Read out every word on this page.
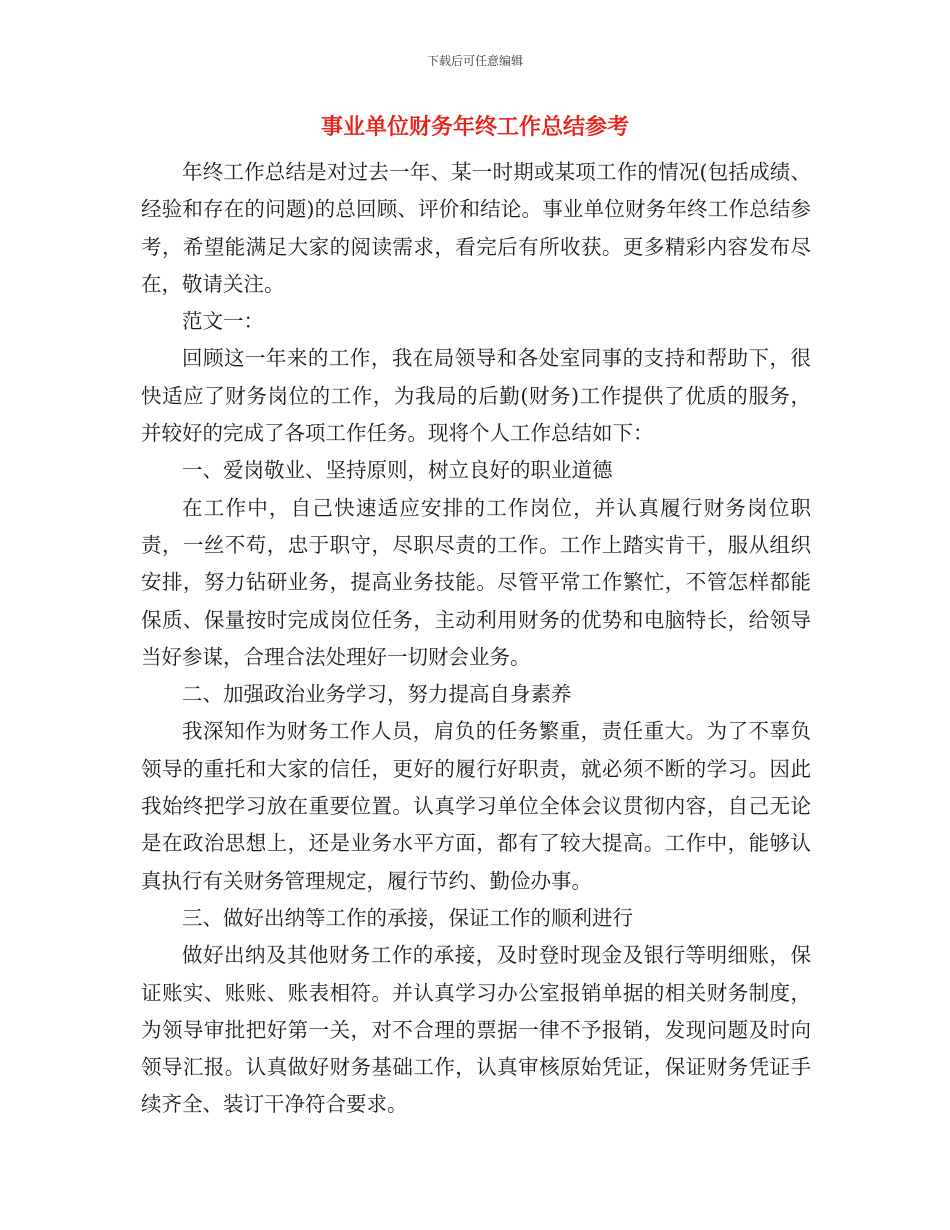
下载后可任意编辑
事业单位财务年终工作总结参考

年终工作总结是对过去一年、某一时期或某项工作的情况(包括成绩、经验和存在的问题)的总回顾、评价和结论。事业单位财务年终工作总结参考，希望能满足大家的阅读需求，看完后有所收获。更多精彩内容发布尽在，敬请关注。

范文一：

回顾这一年来的工作，我在局领导和各处室同事的支持和帮助下，很快适应了财务岗位的工作，为我局的后勤(财务)工作提供了优质的服务，并较好的完成了各项工作任务。现将个人工作总结如下：

一、爱岗敬业、坚持原则，树立良好的职业道德

在工作中，自己快速适应安排的工作岗位，并认真履行财务岗位职责，一丝不苟，忠于职守，尽职尽责的工作。工作上踏实肯干，服从组织安排，努力钻研业务，提高业务技能。尽管平常工作繁忙，不管怎样都能保质、保量按时完成岗位任务，主动利用财务的优势和电脑特长，给领导当好参谋，合理合法处理好一切财会业务。

二、加强政治业务学习，努力提高自身素养

我深知作为财务工作人员，肩负的任务繁重，责任重大。为了不辜负领导的重托和大家的信任，更好的履行好职责，就必须不断的学习。因此我始终把学习放在重要位置。认真学习单位全体会议贯彻内容，自己无论是在政治思想上，还是业务水平方面，都有了较大提高。工作中，能够认真执行有关财务管理规定，履行节约、勤俭办事。

三、做好出纳等工作的承接，保证工作的顺利进行

做好出纳及其他财务工作的承接，及时登时现金及银行等明细账，保证账实、账账、账表相符。并认真学习办公室报销单据的相关财务制度，为领导审批把好第一关，对不合理的票据一律不予报销，发现问题及时向领导汇报。认真做好财务基础工作，认真审核原始凭证，保证财务凭证手续齐全、装订干净符合要求。
